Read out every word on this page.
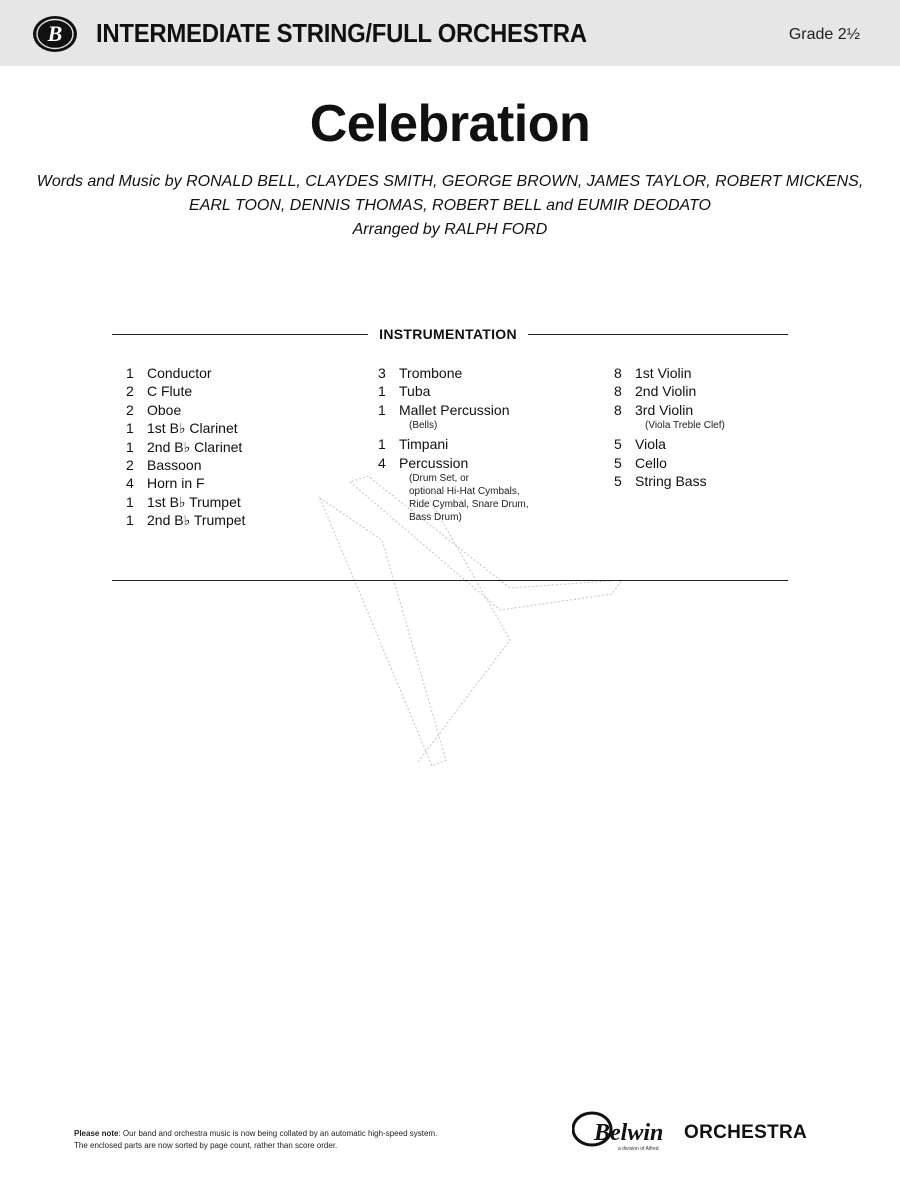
B INTERMEDIATE STRING/FULL ORCHESTRA	Grade 2½
Celebration
Words and Music by RONALD BELL, CLAYDES SMITH, GEORGE BROWN, JAMES TAYLOR, ROBERT MICKENS,
EARL TOON, DENNIS THOMAS, ROBERT BELL and EUMIR DEODATO
Arranged by RALPH FORD
INSTRUMENTATION
1 Conductor
2 C Flute
2 Oboe
1 1st B♭ Clarinet
1 2nd B♭ Clarinet
2 Bassoon
4 Horn in F
1 1st B♭ Trumpet
1 2nd B♭ Trumpet
3 Trombone
1 Tuba
1 Mallet Percussion
(Bells)
1 Timpani
4 Percussion
(Drum Set, or
optional Hi-Hat Cymbals,
Ride Cymbal, Snare Drum,
Bass Drum)
8 1st Violin
8 2nd Violin
8 3rd Violin
(Viola Treble Clef)
5 Viola
5 Cello
5 String Bass
Please note: Our band and orchestra music is now being collated by an automatic high-speed system.
The enclosed parts are now sorted by page count, rather than score order.	Belwin ORCHESTRA
a division of Alfred
